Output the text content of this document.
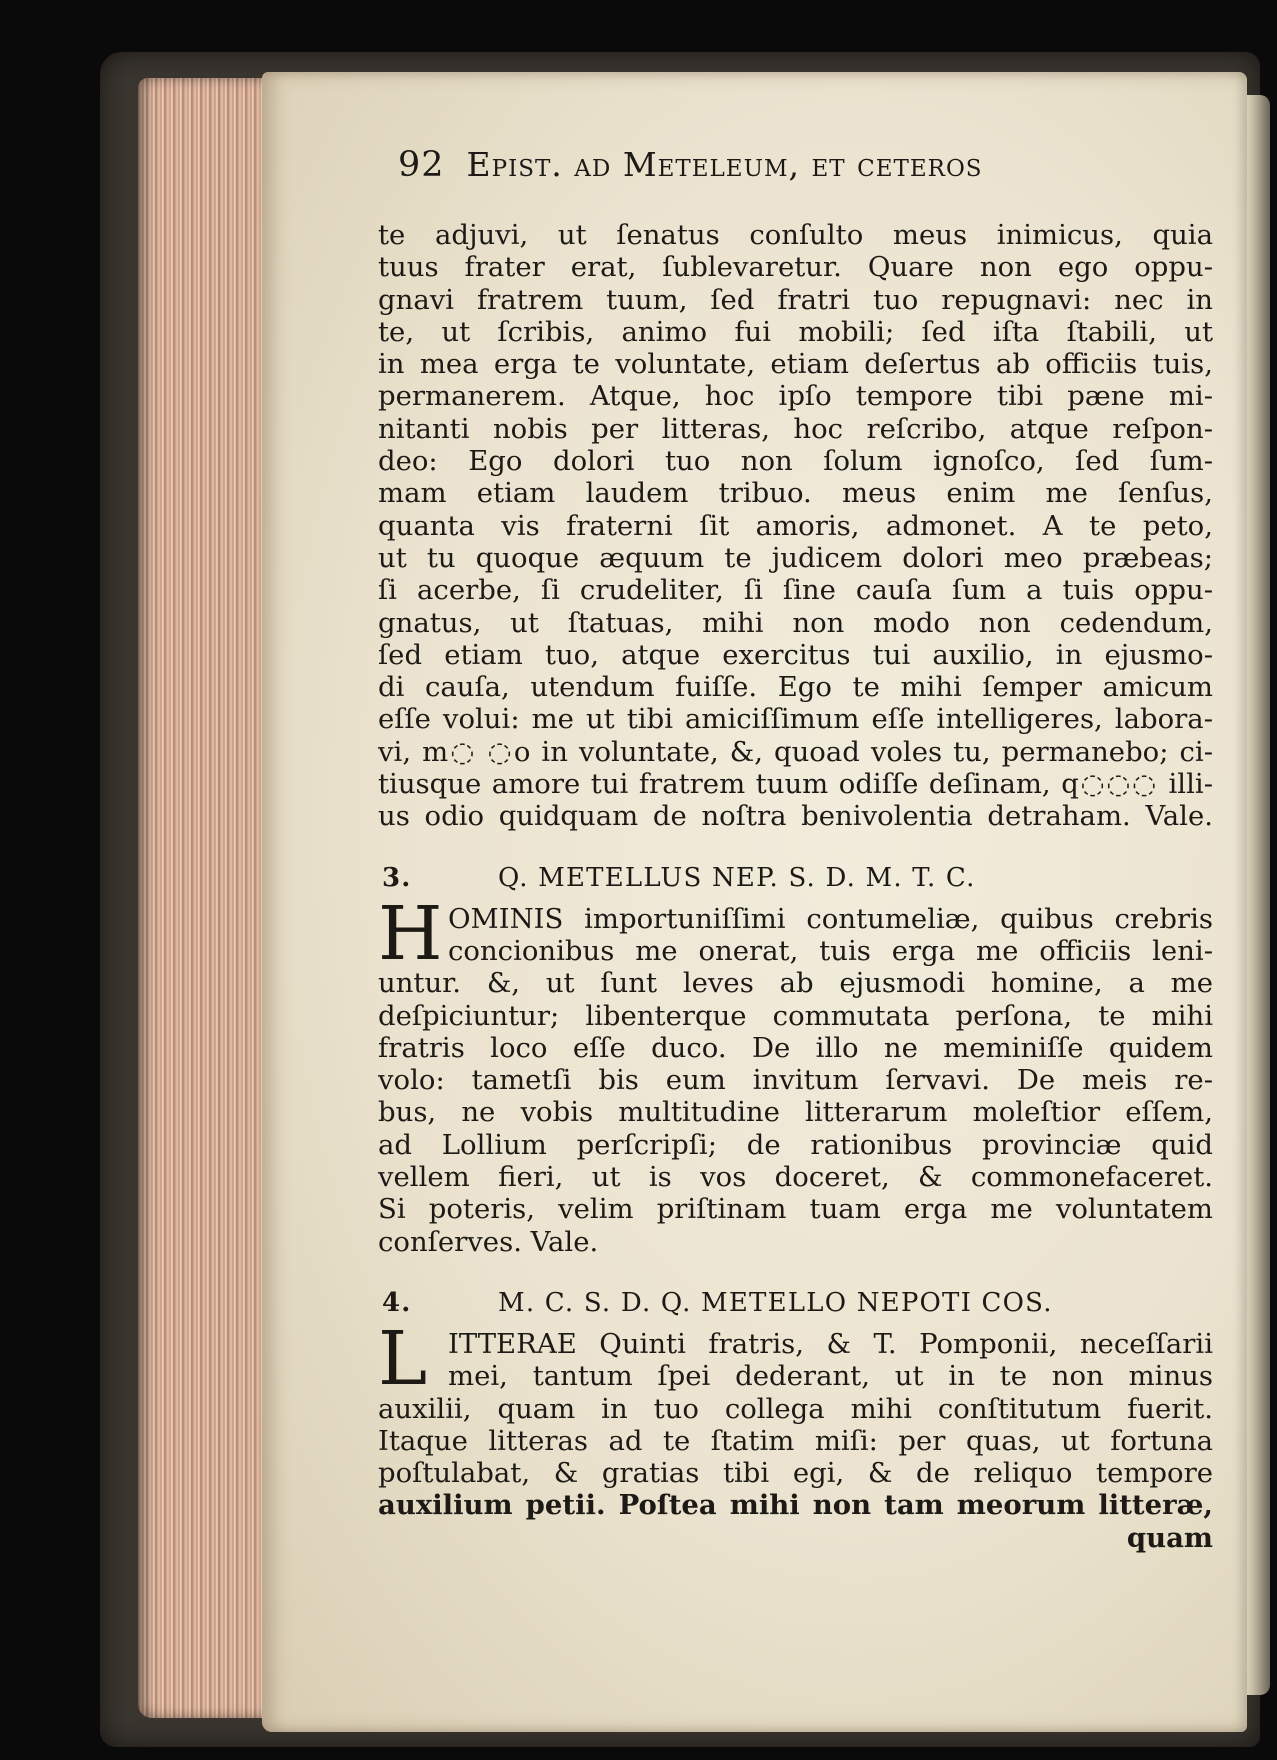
92 Epist. ad Meteleum, et ceteros
te adjuvi, ut ſenatus conſulto meus inimicus, quia
tuus frater erat, ſublevaretur. Quare non ego oppu-
gnavi fratrem tuum, ſed fratri tuo repugnavi: nec in
te, ut ſcribis, animo fui mobili; ſed iſta ſtabili, ut
in mea erga te voluntate, etiam deſertus ab officiis tuis,
permanerem. Atque, hoc ipſo tempore tibi pæne mi-
nitanti nobis per litteras, hoc reſcribo, atque reſpon-
deo: Ego dolori tuo non ſolum ignoſco, ſed ſum-
mam etiam laudem tribuo. meus enim me ſenſus,
quanta vis fraterni ſit amoris, admonet. A te peto,
ut tu quoque æquum te judicem dolori meo præbeas;
ſi acerbe, ſi crudeliter, ſi ſine cauſa ſum a tuis oppu-
gnatus, ut ſtatuas, mihi non modo non cedendum,
ſed etiam tuo, atque exercitus tui auxilio, in ejusmo-
di cauſa, utendum fuiſſe. Ego te mihi ſemper amicum
eſſe volui: me ut tibi amiciſſimum eſſe intelligeres, labora-
vi, m◌ ◌o in voluntate, &, quoad voles tu, permanebo; ci-
tiusque amore tui fratrem tuum odiſſe deſinam, q◌◌◌ illi-
us odio quidquam de noſtra benivolentia detraham. Vale.
3.	Q. METELLUS NEP. S. D. M. T. C.
H OMINIS importuniſſimi contumeliæ, quibus crebris
concionibus me onerat, tuis erga me officiis leni-
untur. &, ut ſunt leves ab ejusmodi homine, a me
deſpiciuntur; libenterque commutata perſona, te mihi
fratris loco eſſe duco. De illo ne meminiſſe quidem
volo: tametſi bis eum invitum ſervavi. De meis re-
bus, ne vobis multitudine litterarum moleſtior eſſem,
ad Lollium perſcripſi; de rationibus provinciæ quid
vellem fieri, ut is vos doceret, & commonefaceret.
Si poteris, velim priſtinam tuam erga me voluntatem
conſerves. Vale.
4.	M. C. S. D. Q. METELLO NEPOTI COS.
L ITTERAE Quinti fratris, & T. Pomponii, neceſſarii
mei, tantum ſpei dederant, ut in te non minus
auxilii, quam in tuo collega mihi conſtitutum fuerit.
Itaque litteras ad te ſtatim miſi: per quas, ut fortuna
poſtulabat, & gratias tibi egi, & de reliquo tempore
auxilium petii. Poſtea mihi non tam meorum litteræ,
quam
